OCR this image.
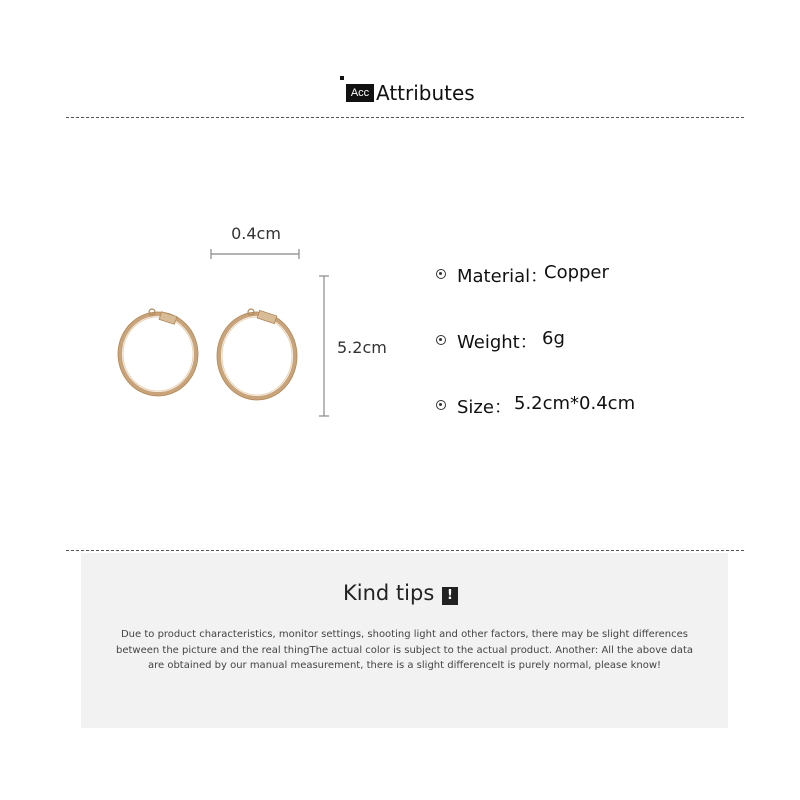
Acc Attributes
0.4cm
5.2cm
Material：
Copper
Weight： 6g
Size： 5.2cm*0.4cm
Kind tips !
Due to product characteristics, monitor settings, shooting light and other factors, there may be slight differences between the picture and the real thingThe actual color is subject to the actual product. Another: All the above data are obtained by our manual measurement, there is a slight differenceIt is purely normal, please know!
